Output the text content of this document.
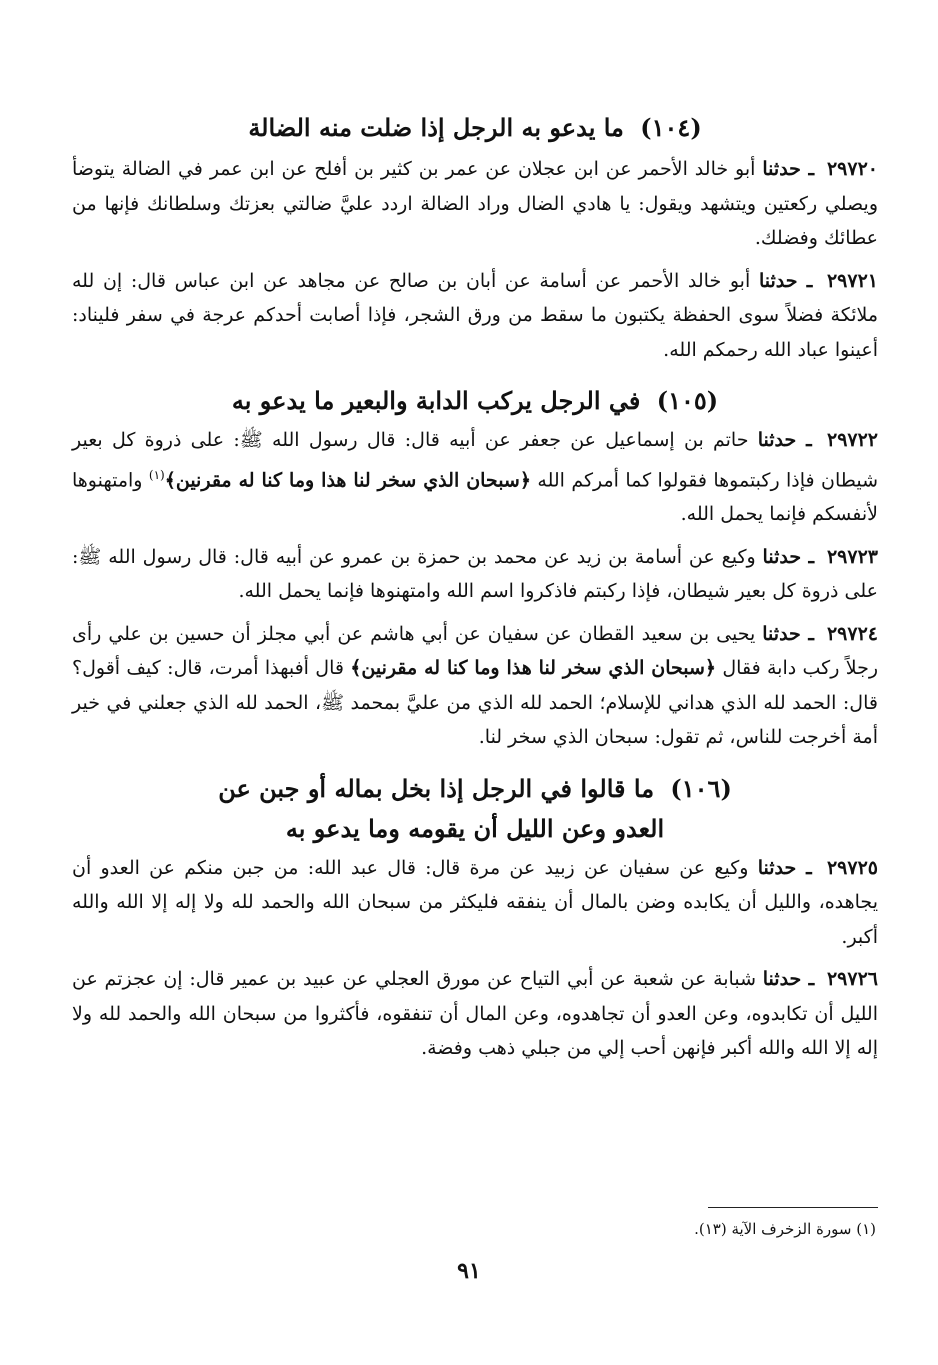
(١٠٤) ما يدعو به الرجل إذا ضلت منه الضالة

٢٩٧٢٠ ـ حدثنا أبو خالد الأحمر عن ابن عجلان عن عمر بن كثير بن أفلح عن ابن عمر في الضالة يتوضأ ويصلي ركعتين ويتشهد ويقول: يا هادي الضال وراد الضالة اردد عليَّ ضالتي بعزتك وسلطانك فإنها من عطائك وفضلك.

٢٩٧٢١ ـ حدثنا أبو خالد الأحمر عن أسامة عن أبان بن صالح عن مجاهد عن ابن عباس قال: إن لله ملائكة فضلاً سوى الحفظة يكتبون ما سقط من ورق الشجر، فإذا أصابت أحدكم عرجة في سفر فليناد: أعينوا عباد الله رحمكم الله.

(١٠٥) في الرجل يركب الدابة والبعير ما يدعو به

٢٩٧٢٢ ـ حدثنا حاتم بن إسماعيل عن جعفر عن أبيه قال: قال رسول الله ﷺ: على ذروة كل بعير شيطان فإذا ركبتموها فقولوا كما أمركم الله ﴿سبحان الذي سخر لنا هذا وما كنا له مقرنين﴾$^{(١)}$ وامتهنوها لأنفسكم فإنما يحمل الله.

٢٩٧٢٣ ـ حدثنا وكيع عن أسامة بن زيد عن محمد بن حمزة بن عمرو عن أبيه قال: قال رسول الله ﷺ: على ذروة كل بعير شيطان، فإذا ركبتم فاذكروا اسم الله وامتهنوها فإنما يحمل الله.

٢٩٧٢٤ ـ حدثنا يحيى بن سعيد القطان عن سفيان عن أبي هاشم عن أبي مجلز أن حسين بن علي رأى رجلاً ركب دابة فقال ﴿سبحان الذي سخر لنا هذا وما كنا له مقرنين﴾ قال أفبهذا أمرت، قال: كيف أقول؟ قال: الحمد لله الذي هداني للإسلام؛ الحمد لله الذي من عليَّ بمحمد ﷺ، الحمد لله الذي جعلني في خير أمة أخرجت للناس، ثم تقول: سبحان الذي سخر لنا.

(١٠٦) ما قالوا في الرجل إذا بخل بماله أو جبن عن
العدو وعن الليل أن يقومه وما يدعو به

٢٩٧٢٥ ـ حدثنا وكيع عن سفيان عن زبيد عن مرة قال: قال عبد الله: من جبن منكم عن العدو أن يجاهده، والليل أن يكابده وضن بالمال أن ينفقه فليكثر من سبحان الله والحمد لله ولا إله إلا الله والله أكبر.

٢٩٧٢٦ ـ حدثنا شبابة عن شعبة عن أبي التياح عن مورق العجلي عن عبيد بن عمير قال: إن عجزتم عن الليل أن تكابدوه، وعن العدو أن تجاهدوه، وعن المال أن تنفقوه، فأكثروا من سبحان الله والحمد لله ولا إله إلا الله والله أكبر فإنهن أحب إلي من جبلي ذهب وفضة.

(١) سورة الزخرف الآية (١٣).
٩١
